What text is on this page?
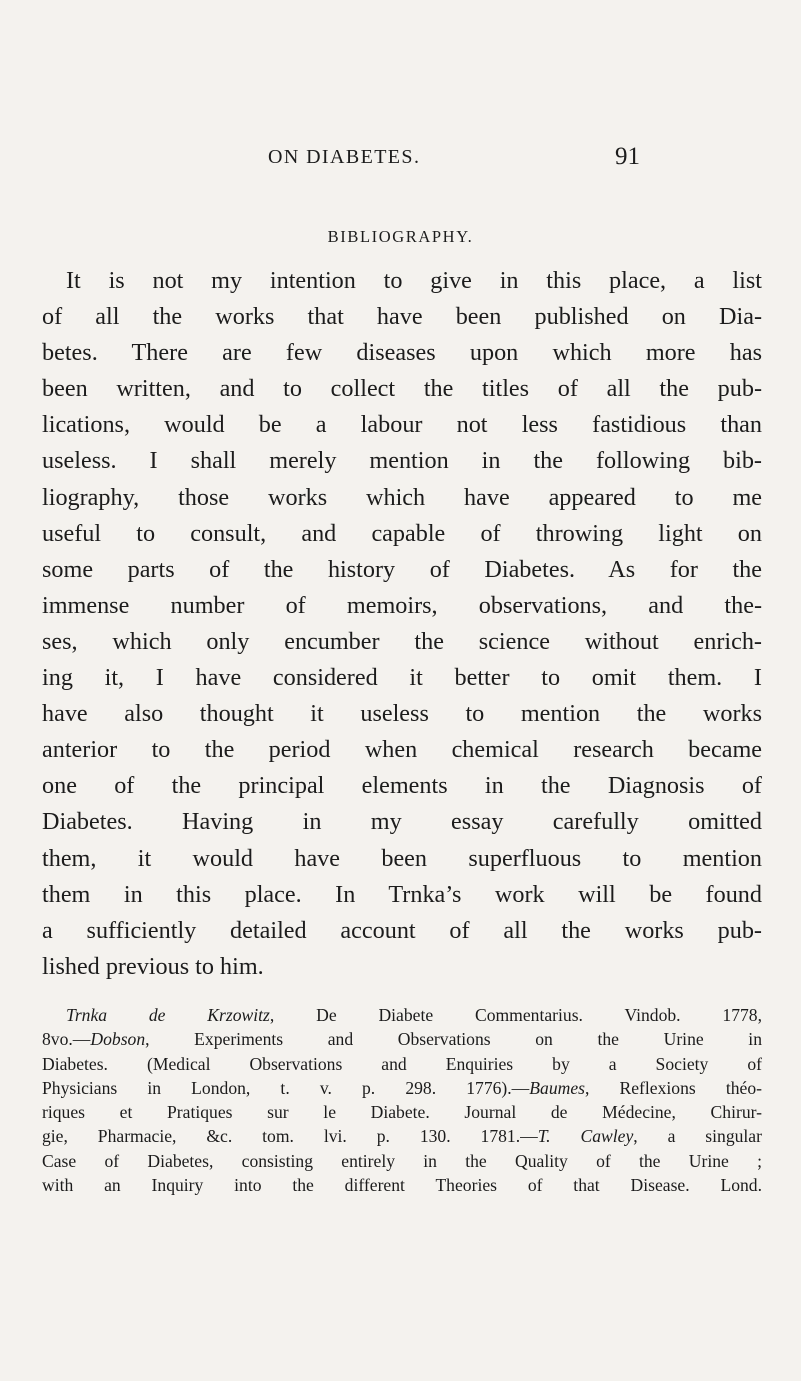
ON DIABETES.	91
BIBLIOGRAPHY.
It is not my intention to give in this place, a list
of all the works that have been published on Dia-
betes. There are few diseases upon which more has
been written, and to collect the titles of all the pub-
lications, would be a labour not less fastidious than
useless. I shall merely mention in the following bib-
liography, those works which have appeared to me
useful to consult, and capable of throwing light on
some parts of the history of Diabetes. As for the
immense number of memoirs, observations, and the-
ses, which only encumber the science without enrich-
ing it, I have considered it better to omit them. I
have also thought it useless to mention the works
anterior to the period when chemical research became
one of the principal elements in the Diagnosis of
Diabetes. Having in my essay carefully omitted
them, it would have been superfluous to mention
them in this place. In Trnka’s work will be found
a sufficiently detailed account of all the works pub-
lished previous to him.
Trnka de Krzowitz, De Diabete Commentarius. Vindob. 1778,
8vo.—Dobson, Experiments and Observations on the Urine in
Diabetes. (Medical Observations and Enquiries by a Society of
Physicians in London, t. v. p. 298. 1776).—Baumes, Reflexions théo-
riques et Pratiques sur le Diabete. Journal de Médecine, Chirur-
gie, Pharmacie, &c. tom. lvi. p. 130. 1781.—T. Cawley, a singular
Case of Diabetes, consisting entirely in the Quality of the Urine ;
with an Inquiry into the different Theories of that Disease. Lond.
